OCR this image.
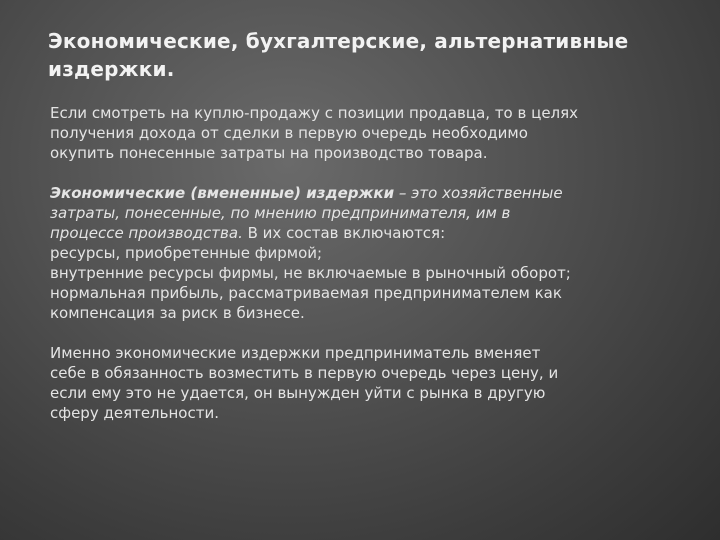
Экономические, бухгалтерские, альтернативные
издержки.

Если смотреть на куплю-продажу с позиции продавца, то в целях
получения дохода от сделки в первую очередь необходимо
окупить понесенные затраты на производство товара.

Экономические (вмененные) издержки – это хозяйственные
затраты, понесенные, по мнению предпринимателя, им в
процессе производства. В их состав включаются:
ресурсы, приобретенные фирмой;
внутренние ресурсы фирмы, не включаемые в рыночный оборот;
нормальная прибыль, рассматриваемая предпринимателем как
компенсация за риск в бизнесе.

Именно экономические издержки предприниматель вменяет
себе в обязанность возместить в первую очередь через цену, и
если ему это не удается, он вынужден уйти с рынка в другую
сферу деятельности.
